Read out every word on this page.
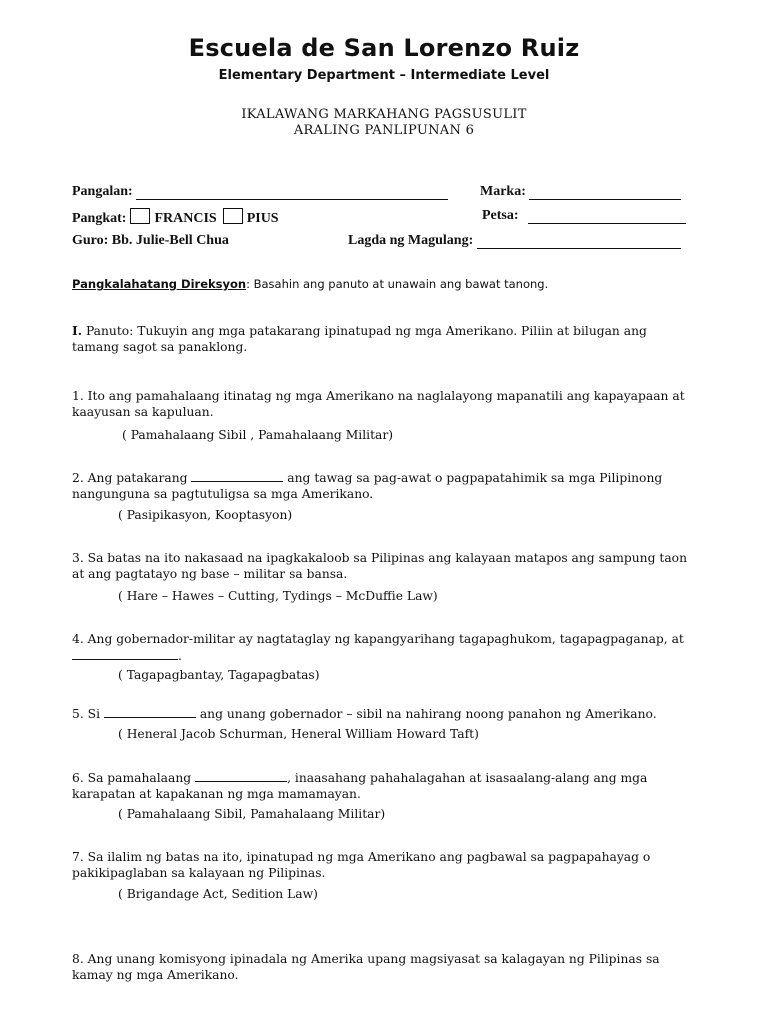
Escuela de San Lorenzo Ruiz
Elementary Department – Intermediate Level
IKALAWANG MARKAHANG PAGSUSULIT
ARALING PANLIPUNAN 6
Pangalan:	Marka:
Pangkat: FRANCIS PIUS	Petsa:
Guro: Bb. Julie-Bell Chua	Lagda ng Magulang:
Pangkalahatang Direksyon: Basahin ang panuto at unawain ang bawat tanong.
I. Panuto: Tukuyin ang mga patakarang ipinatupad ng mga Amerikano. Piliin at bilugan ang tamang sagot sa panaklong.
1. Ito ang pamahalaang itinatag ng mga Amerikano na naglalayong mapanatili ang kapayapaan at kaayusan sa kapuluan.
( Pamahalaang Sibil , Pamahalaang Militar)
2. Ang patakarang	ang tawag sa pag-awat o pagpapatahimik sa mga Pilipinong nangunguna sa pagtutuligsa sa mga Amerikano.
( Pasipikasyon, Kooptasyon)
3. Sa batas na ito nakasaad na ipagkakaloob sa Pilipinas ang kalayaan matapos ang sampung taon at ang pagtatayo ng base – militar sa bansa.
( Hare – Hawes – Cutting, Tydings – McDuffie Law)
4. Ang gobernador-militar ay nagtataglay ng kapangyarihang tagapaghukom, tagapagpaganap, at .
( Tagapagbantay, Tagapagbatas)
5. Si	ang unang gobernador – sibil na nahirang noong panahon ng Amerikano.
( Heneral Jacob Schurman, Heneral William Howard Taft)
6. Sa pamahalaang	, inaasahang pahahalagahan at isasaalang-alang ang mga karapatan at kapakanan ng mga mamamayan.
( Pamahalaang Sibil, Pamahalaang Militar)
7. Sa ilalim ng batas na ito, ipinatupad ng mga Amerikano ang pagbawal sa pagpapahayag o pakikipaglaban sa kalayaan ng Pilipinas.
( Brigandage Act, Sedition Law)
8. Ang unang komisyong ipinadala ng Amerika upang magsiyasat sa kalagayan ng Pilipinas sa kamay ng mga Amerikano.
